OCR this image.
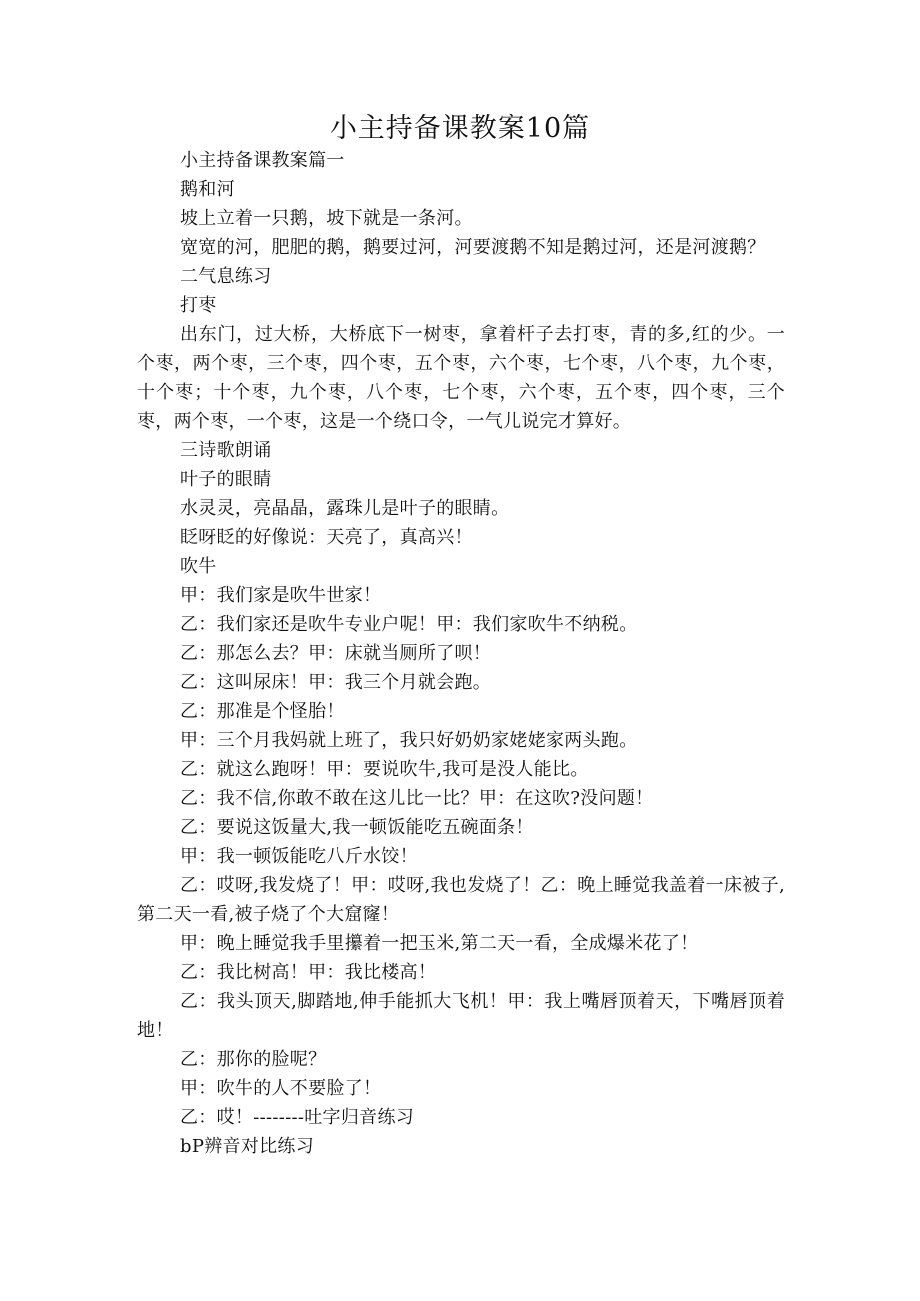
小主持备课教案10篇

小主持备课教案篇一

鹅和河

坡上立着一只鹅，坡下就是一条河。

宽宽的河，肥肥的鹅，鹅要过河，河要渡鹅不知是鹅过河，还是河渡鹅？

二气息练习

打枣

出东门，过大桥，大桥底下一树枣，拿着杆子去打枣，青的多,红的少。一个枣，两个枣，三个枣，四个枣，五个枣，六个枣，七个枣，八个枣，九个枣，十个枣；十个枣，九个枣，八个枣，七个枣，六个枣，五个枣，四个枣，三个枣，两个枣，一个枣，这是一个绕口令，一气儿说完才算好。

三诗歌朗诵

叶子的眼睛

水灵灵，亮晶晶，露珠儿是叶子的眼睛。

眨呀眨的好像说：天亮了，真高兴！

吹牛

甲：我们家是吹牛世家！

乙：我们家还是吹牛专业户呢！甲：我们家吹牛不纳税。

乙：那怎么去？甲：床就当厕所了呗！

乙：这叫尿床！甲：我三个月就会跑。

乙：那准是个怪胎！

甲：三个月我妈就上班了，我只好奶奶家姥姥家两头跑。

乙：就这么跑呀！甲：要说吹牛,我可是没人能比。

乙：我不信,你敢不敢在这儿比一比？甲：在这吹?没问题！

乙：要说这饭量大,我一顿饭能吃五碗面条！

甲：我一顿饭能吃八斤水饺！

乙：哎呀,我发烧了！甲：哎呀,我也发烧了！乙：晚上睡觉我盖着一床被子,第二天一看,被子烧了个大窟窿！

甲：晚上睡觉我手里攥着一把玉米,第二天一看，全成爆米花了！

乙：我比树高！甲：我比楼高！

乙：我头顶天,脚踏地,伸手能抓大飞机！甲：我上嘴唇顶着天，下嘴唇顶着地！

乙：那你的脸呢？

甲：吹牛的人不要脸了！

乙：哎！--------吐字归音练习

bP辨音对比练习
